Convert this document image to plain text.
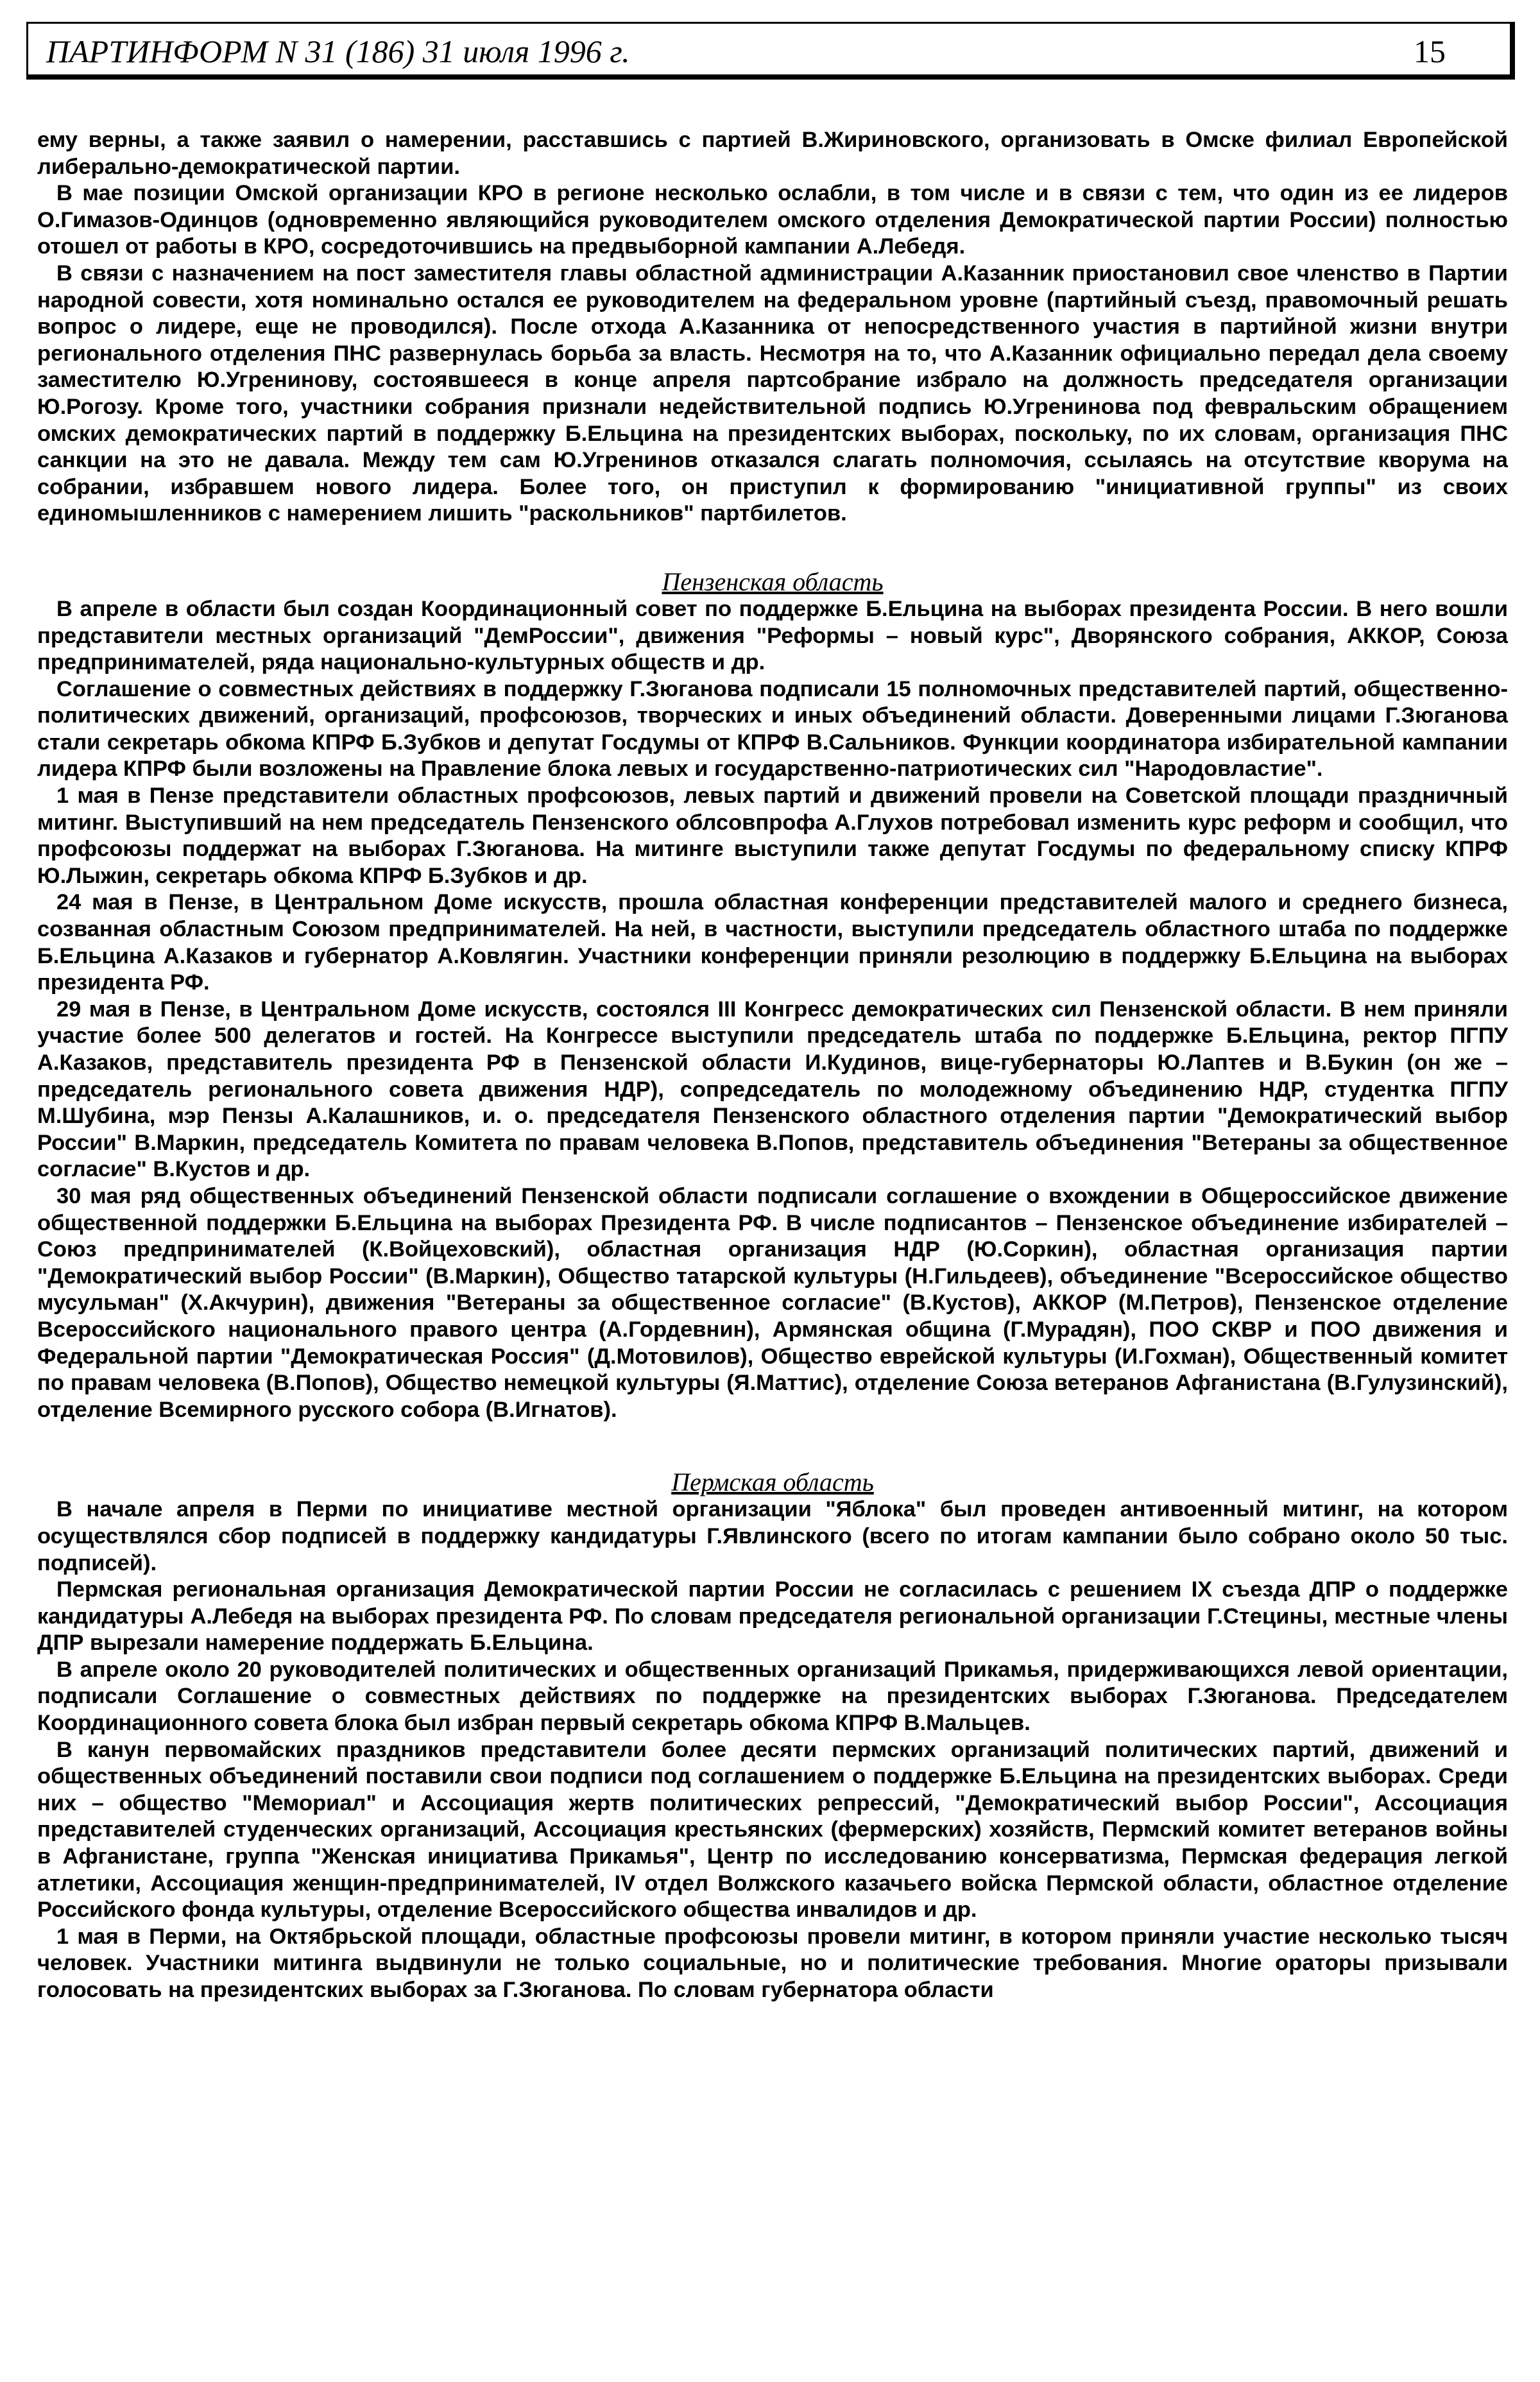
ПАРТИНФОРМ N 31 (186) 31 июля 1996 г.	15

ему верны, а также заявил о намерении, расставшись с партией В.Жириновского, организовать в Омске филиал Европейской либерально-демократической партии.

В мае позиции Омской организации КРО в регионе несколько ослабли, в том числе и в связи с тем, что один из ее лидеров О.Гимазов-Одинцов (одновременно являющийся руководителем омского отделения Демократической партии России) полностью отошел от работы в КРО, сосредоточившись на предвыборной кампании А.Лебедя.

В связи с назначением на пост заместителя главы областной администрации А.Казанник приостановил свое членство в Партии народной совести, хотя номинально остался ее руководителем на федеральном уровне (партийный съезд, правомочный решать вопрос о лидере, еще не проводился). После отхода А.Казанника от непосредственного участия в партийной жизни внутри регионального отделения ПНС развернулась борьба за власть. Несмотря на то, что А.Казанник официально передал дела своему заместителю Ю.Угренинову, состоявшееся в конце апреля партсобрание избрало на должность председателя организации Ю.Рогозу. Кроме того, участники собрания признали недействительной подпись Ю.Угренинова под февральским обращением омских демократических партий в поддержку Б.Ельцина на президентских выборах, поскольку, по их словам, организация ПНС санкции на это не давала. Между тем сам Ю.Угренинов отказался слагать полномочия, ссылаясь на отсутствие кворума на собрании, избравшем нового лидера. Более того, он приступил к формированию "инициативной группы" из своих единомышленников с намерением лишить "раскольников" партбилетов.

Пензенская область

В апреле в области был создан Координационный совет по поддержке Б.Ельцина на выборах президента России. В него вошли представители местных организаций "ДемРоссии", движения "Реформы – новый курс", Дворянского собрания, АККОР, Союза предпринимателей, ряда национально-культурных обществ и др.

Соглашение о совместных действиях в поддержку Г.Зюганова подписали 15 полномочных представителей партий, общественно-политических движений, организаций, профсоюзов, творческих и иных объединений области. Доверенными лицами Г.Зюганова стали секретарь обкома КПРФ Б.Зубков и депутат Госдумы от КПРФ В.Сальников. Функции координатора избирательной кампании лидера КПРФ были возложены на Правление блока левых и государственно-патриотических сил "Народовластие".

1 мая в Пензе представители областных профсоюзов, левых партий и движений провели на Советской площади праздничный митинг. Выступивший на нем председатель Пензенского облсовпрофа А.Глухов потребовал изменить курс реформ и сообщил, что профсоюзы поддержат на выборах Г.Зюганова. На митинге выступили также депутат Госдумы по федеральному списку КПРФ Ю.Лыжин, секретарь обкома КПРФ Б.Зубков и др.

24 мая в Пензе, в Центральном Доме искусств, прошла областная конференции представителей малого и среднего бизнеса, созванная областным Союзом предпринимателей. На ней, в частности, выступили председатель областного штаба по поддержке Б.Ельцина А.Казаков и губернатор А.Ковлягин. Участники конференции приняли резолюцию в поддержку Б.Ельцина на выборах президента РФ.

29 мая в Пензе, в Центральном Доме искусств, состоялся III Конгресс демократических сил Пензенской области. В нем приняли участие более 500 делегатов и гостей. На Конгрессе выступили председатель штаба по поддержке Б.Ельцина, ректор ПГПУ А.Казаков, представитель президента РФ в Пензенской области И.Кудинов, вице-губернаторы Ю.Лаптев и В.Букин (он же – председатель регионального совета движения НДР), сопредседатель по молодежному объединению НДР, студентка ПГПУ М.Шубина, мэр Пензы А.Калашников, и. о. председателя Пензенского областного отделения партии "Демократический выбор России" В.Маркин, председатель Комитета по правам человека В.Попов, представитель объединения "Ветераны за общественное согласие" В.Кустов и др.

30 мая ряд общественных объединений Пензенской области подписали соглашение о вхождении в Общероссийское движение общественной поддержки Б.Ельцина на выборах Президента РФ. В числе подписантов – Пензенское объединение избирателей – Союз предпринимателей (К.Войцеховский), областная организация НДР (Ю.Соркин), областная организация партии "Демократический выбор России" (В.Маркин), Общество татарской культуры (Н.Гильдеев), объединение "Всероссийское общество мусульман" (Х.Акчурин), движения "Ветераны за общественное согласие" (В.Кустов), АККОР (М.Петров), Пензенское отделение Всероссийского национального правого центра (А.Гордевнин), Армянская община (Г.Мурадян), ПОО СКВР и ПОО движения и Федеральной партии "Демократическая Россия" (Д.Мотовилов), Общество еврейской культуры (И.Гохман), Общественный комитет по правам человека (В.Попов), Общество немецкой культуры (Я.Маттис), отделение Союза ветеранов Афганистана (В.Гулузинский), отделение Всемирного русского собора (В.Игнатов).

Пермская область

В начале апреля в Перми по инициативе местной организации "Яблока" был проведен антивоенный митинг, на котором осуществлялся сбор подписей в поддержку кандидатуры Г.Явлинского (всего по итогам кампании было собрано около 50 тыс. подписей).

Пермская региональная организация Демократической партии России не согласилась с решением IX съезда ДПР о поддержке кандидатуры А.Лебедя на выборах президента РФ. По словам председателя региональной организации Г.Стецины, местные члены ДПР вырезали намерение поддержать Б.Ельцина.

В апреле около 20 руководителей политических и общественных организаций Прикамья, придерживающихся левой ориентации, подписали Соглашение о совместных действиях по поддержке на президентских выборах Г.Зюганова. Председателем Координационного совета блока был избран первый секретарь обкома КПРФ В.Мальцев.

В канун первомайских праздников представители более десяти пермских организаций политических партий, движений и общественных объединений поставили свои подписи под соглашением о поддержке Б.Ельцина на президентских выборах. Среди них – общество "Мемориал" и Ассоциация жертв политических репрессий, "Демократический выбор России", Ассоциация представителей студенческих организаций, Ассоциация крестьянских (фермерских) хозяйств, Пермский комитет ветеранов войны в Афганистане, группа "Женская инициатива Прикамья", Центр по исследованию консерватизма, Пермская федерация легкой атлетики, Ассоциация женщин-предпринимателей, IV отдел Волжского казачьего войска Пермской области, областное отделение Российского фонда культуры, отделение Всероссийского общества инвалидов и др.

1 мая в Перми, на Октябрьской площади, областные профсоюзы провели митинг, в котором приняли участие несколько тысяч человек. Участники митинга выдвинули не только социальные, но и политические требования. Многие ораторы призывали голосовать на президентских выборах за Г.Зюганова. По словам губернатора области
